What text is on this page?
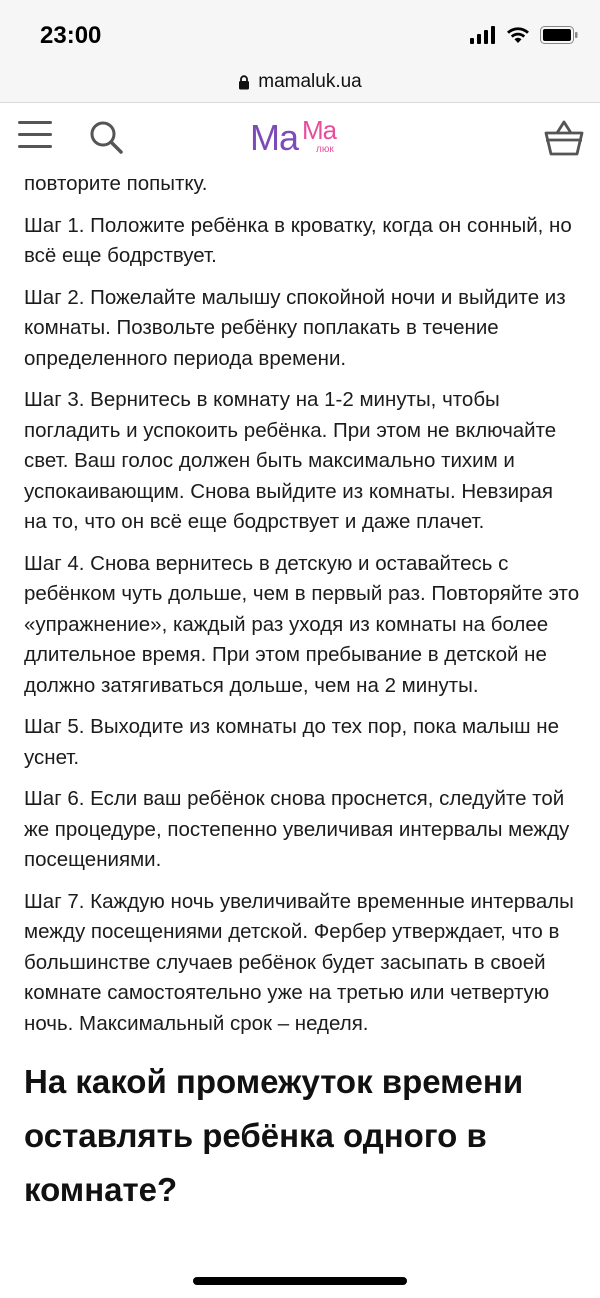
23:00
mamaluk.ua
Ma Ma
люк

повторите попытку.

Шаг 1. Положите ребёнка в кроватку, когда он сонный, но всё еще бодрствует.

Шаг 2. Пожелайте малышу спокойной ночи и выйдите из комнаты. Позвольте ребёнку поплакать в течение определенного периода времени.

Шаг 3. Вернитесь в комнату на 1-2 минуты, чтобы погладить и успокоить ребёнка. При этом не включайте свет. Ваш голос должен быть максимально тихим и успокаивающим. Снова выйдите из комнаты. Невзирая на то, что он всё еще бодрствует и даже плачет.

Шаг 4. Снова вернитесь в детскую и оставайтесь с ребёнком чуть дольше, чем в первый раз. Повторяйте это «упражнение», каждый раз уходя из комнаты на более длительное время. При этом пребывание в детской не должно затягиваться дольше, чем на 2 минуты.

Шаг 5. Выходите из комнаты до тех пор, пока малыш не уснет.

Шаг 6. Если ваш ребёнок снова проснется, следуйте той же процедуре, постепенно увеличивая интервалы между посещениями.

Шаг 7. Каждую ночь увеличивайте временные интервалы между посещениями детской. Фербер утверждает, что в большинстве случаев ребёнок будет засыпать в своей комнате самостоятельно уже на третью или четвертую ночь. Максимальный срок – неделя.

На какой промежуток времени оставлять ребёнка одного в комнате?
